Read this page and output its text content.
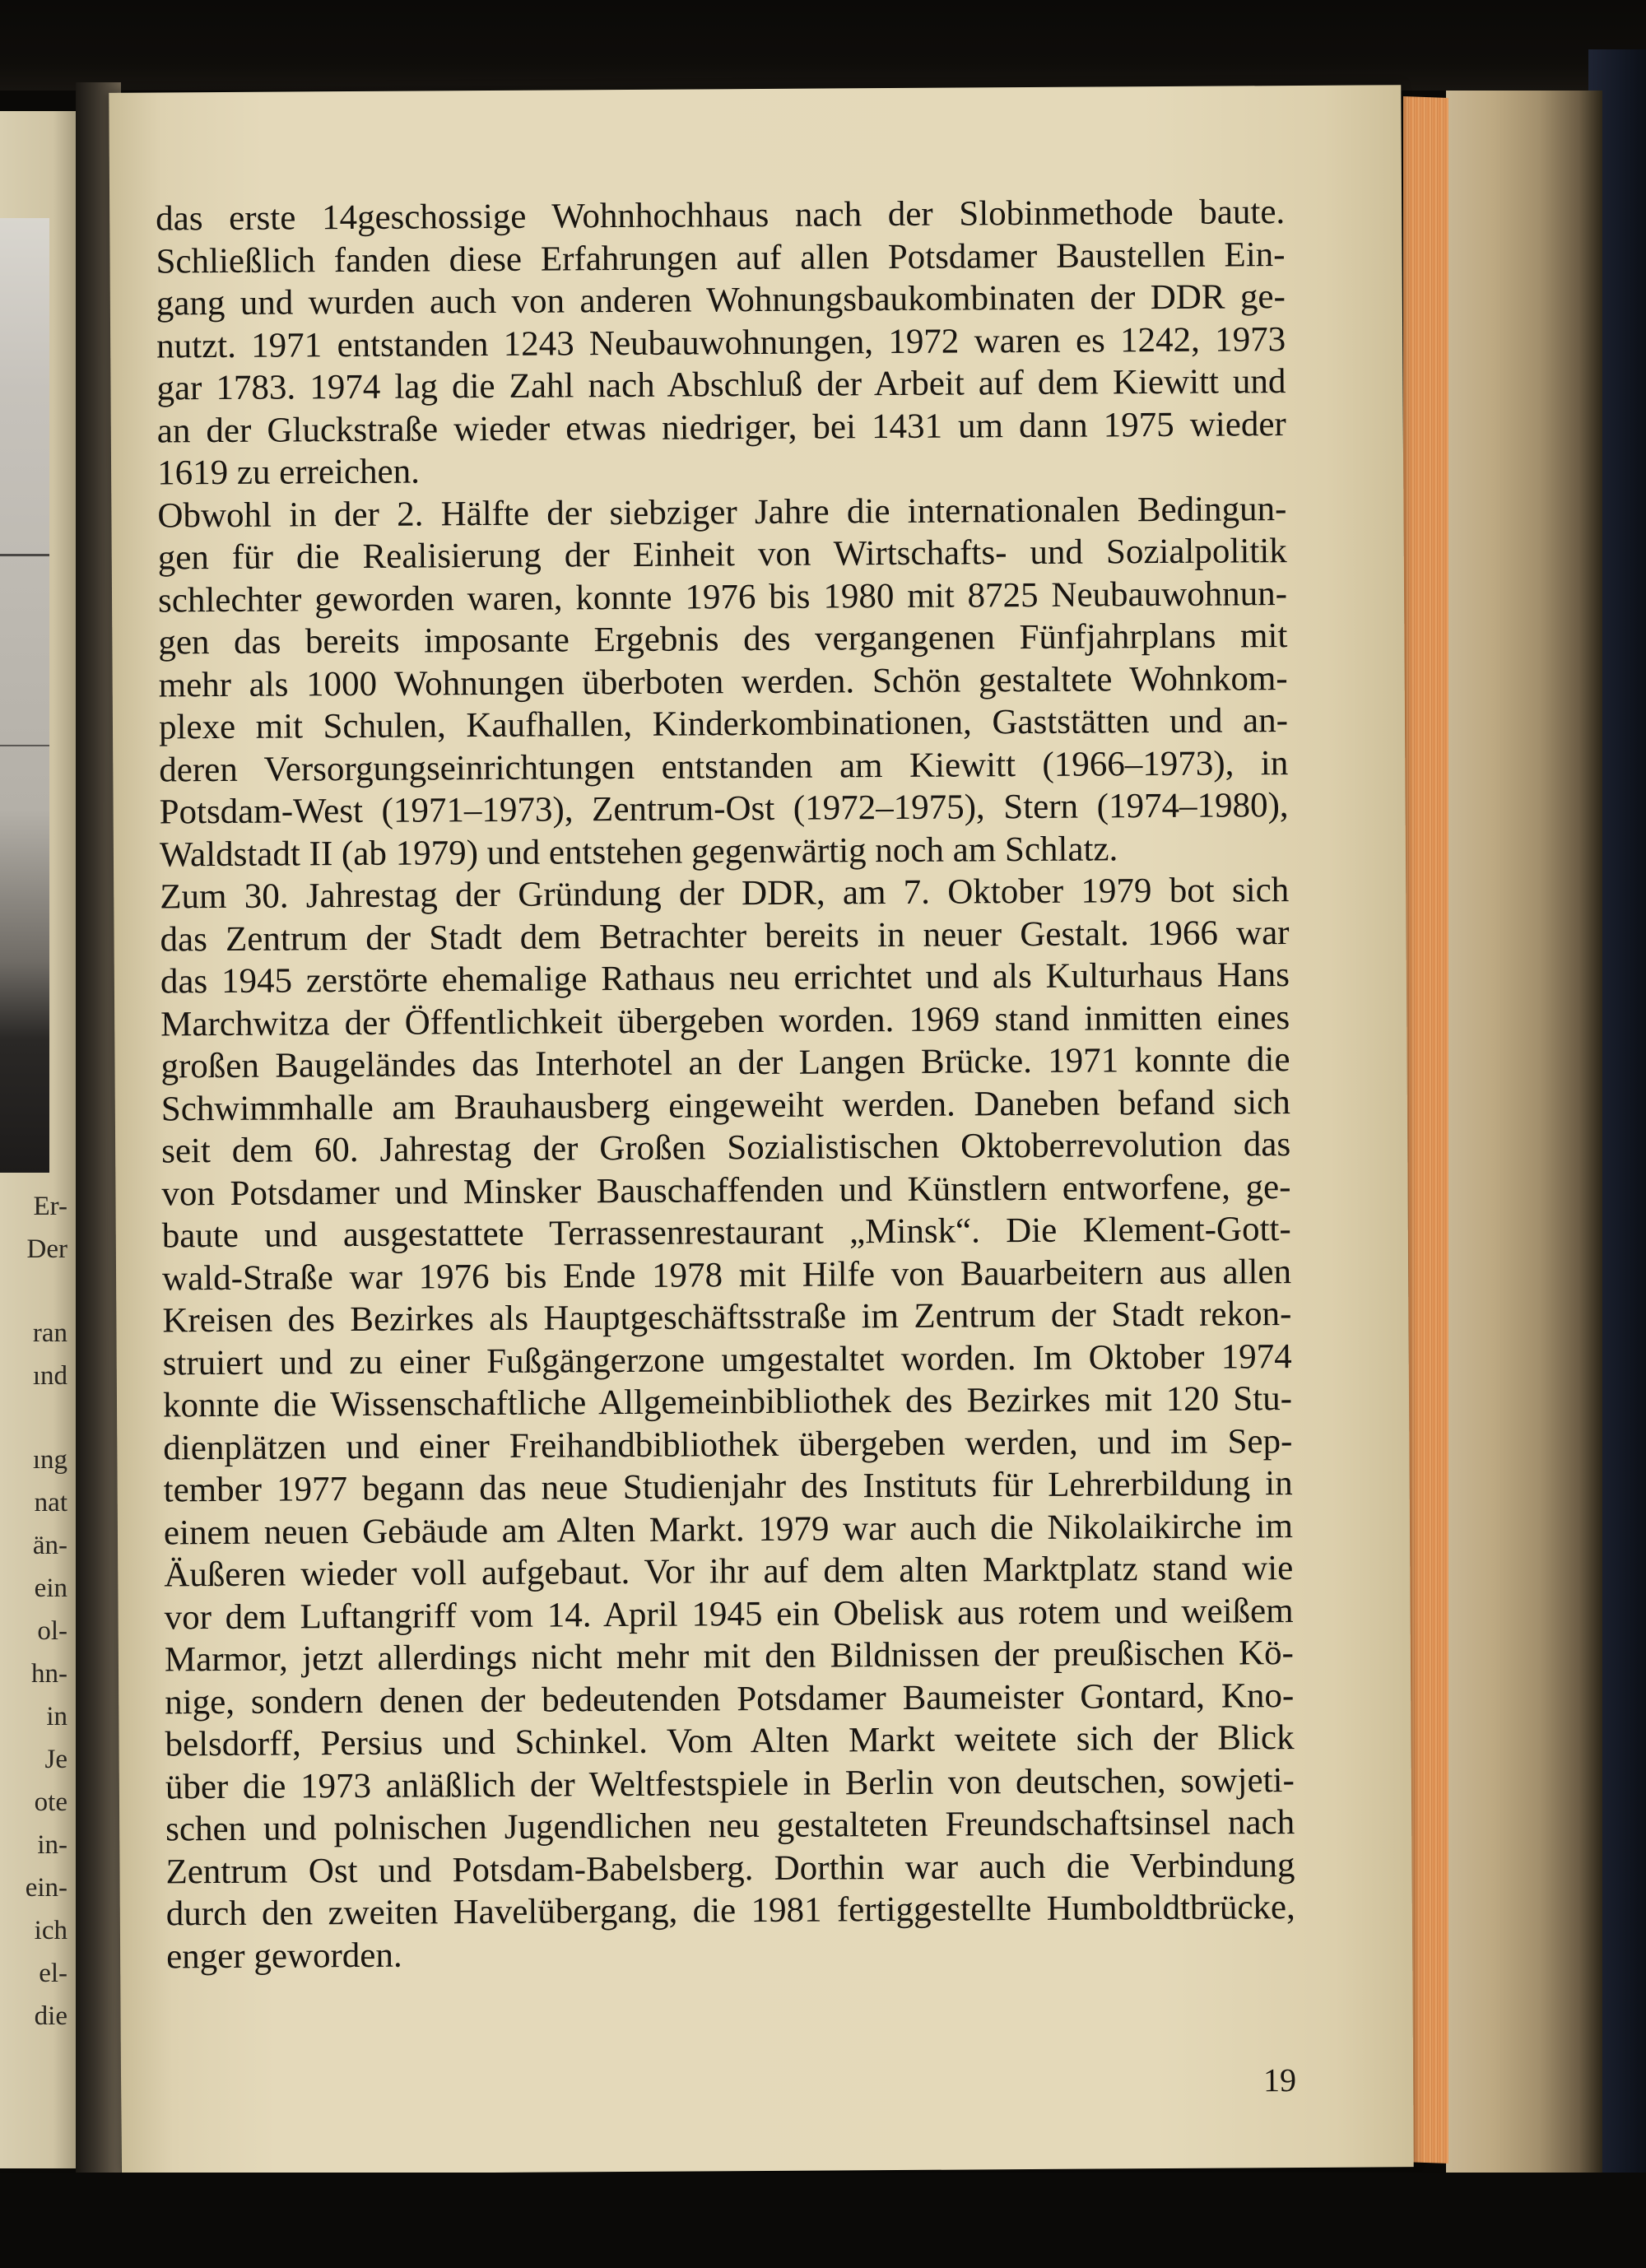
Er-
Der
ran
ınd
ıng
nat
än-
ein
ol-
hn-
in
Je
ote
in-
ein-
ich
el-
die
das erste 14geschossige Wohnhochhaus nach der Slobinmethode baute.
Schließlich fanden diese Erfahrungen auf allen Potsdamer Baustellen Ein-
gang und wurden auch von anderen Wohnungsbaukombinaten der DDR ge-
nutzt. 1971 entstanden 1243 Neubauwohnungen, 1972 waren es 1242, 1973
gar 1783. 1974 lag die Zahl nach Abschluß der Arbeit auf dem Kiewitt und
an der Gluckstraße wieder etwas niedriger, bei 1431 um dann 1975 wieder
1619 zu erreichen.
Obwohl in der 2. Hälfte der siebziger Jahre die internationalen Bedingun-
gen für die Realisierung der Einheit von Wirtschafts- und Sozialpolitik
schlechter geworden waren, konnte 1976 bis 1980 mit 8725 Neubauwohnun-
gen das bereits imposante Ergebnis des vergangenen Fünfjahrplans mit
mehr als 1000 Wohnungen überboten werden. Schön gestaltete Wohnkom-
plexe mit Schulen, Kaufhallen, Kinderkombinationen, Gaststätten und an-
deren Versorgungseinrichtungen entstanden am Kiewitt (1966–1973), in
Potsdam-West (1971–1973), Zentrum-Ost (1972–1975), Stern (1974–1980),
Waldstadt II (ab 1979) und entstehen gegenwärtig noch am Schlatz.
Zum 30. Jahrestag der Gründung der DDR, am 7. Oktober 1979 bot sich
das Zentrum der Stadt dem Betrachter bereits in neuer Gestalt. 1966 war
das 1945 zerstörte ehemalige Rathaus neu errichtet und als Kulturhaus Hans
Marchwitza der Öffentlichkeit übergeben worden. 1969 stand inmitten eines
großen Baugeländes das Interhotel an der Langen Brücke. 1971 konnte die
Schwimmhalle am Brauhausberg eingeweiht werden. Daneben befand sich
seit dem 60. Jahrestag der Großen Sozialistischen Oktoberrevolution das
von Potsdamer und Minsker Bauschaffenden und Künstlern entworfene, ge-
baute und ausgestattete Terrassenrestaurant „Minsk“. Die Klement-Gott-
wald-Straße war 1976 bis Ende 1978 mit Hilfe von Bauarbeitern aus allen
Kreisen des Bezirkes als Hauptgeschäftsstraße im Zentrum der Stadt rekon-
struiert und zu einer Fußgängerzone umgestaltet worden. Im Oktober 1974
konnte die Wissenschaftliche Allgemeinbibliothek des Bezirkes mit 120 Stu-
dienplätzen und einer Freihandbibliothek übergeben werden, und im Sep-
tember 1977 begann das neue Studienjahr des Instituts für Lehrerbildung in
einem neuen Gebäude am Alten Markt. 1979 war auch die Nikolaikirche im
Äußeren wieder voll aufgebaut. Vor ihr auf dem alten Marktplatz stand wie
vor dem Luftangriff vom 14. April 1945 ein Obelisk aus rotem und weißem
Marmor, jetzt allerdings nicht mehr mit den Bildnissen der preußischen Kö-
nige, sondern denen der bedeutenden Potsdamer Baumeister Gontard, Kno-
belsdorff, Persius und Schinkel. Vom Alten Markt weitete sich der Blick
über die 1973 anläßlich der Weltfestspiele in Berlin von deutschen, sowjeti-
schen und polnischen Jugendlichen neu gestalteten Freundschaftsinsel nach
Zentrum Ost und Potsdam-Babelsberg. Dorthin war auch die Verbindung
durch den zweiten Havelübergang, die 1981 fertiggestellte Humboldtbrücke,
enger geworden.
19
